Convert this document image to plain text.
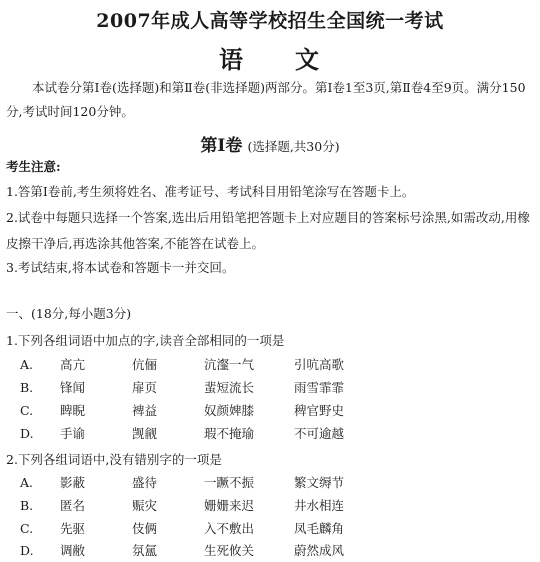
2007年成人高等学校招生全国统一考试
语 文
本试卷分第Ⅰ卷(选择题)和第Ⅱ卷(非选择题)两部分。第Ⅰ卷1至3页,第Ⅱ卷4至9页。满分150分,考试时间120分钟。
第Ⅰ卷 (选择题,共30分)
考生注意:
1.答第Ⅰ卷前,考生须将姓名、准考证号、考试科目用铅笔涂写在答题卡上。
2.试卷中每题只选择一个答案,选出后用铅笔把答题卡上对应题目的答案标号涂黑,如需改动,用橡皮擦干净后,再选涂其他答案,不能答在试卷上。
3.考试结束,将本试卷和答题卡一并交回。
一、(18分,每小题3分)
1.下列各组词语中加点的字,读音全部相同的一项是
A.	高亢	伉俪	沆瀣一气	引吭高歌
B.	锋闻	扉页	蜚短流长	雨雪霏霏
C.	睥睨	裨益	奴颜婢膝	稗官野史
D.	手谕	觊觎	瑕不掩瑜	不可逾越
2.下列各组词语中,没有错别字的一项是
A.	影蔽	盛待	一蹶不振	繁文缛节
B.	匿名	赈灾	姗姗来迟	井水相连
C.	先驱	伎俩	入不敷出	凤毛麟角
D.	调敝	氛氲	生死攸关	蔚然成风
